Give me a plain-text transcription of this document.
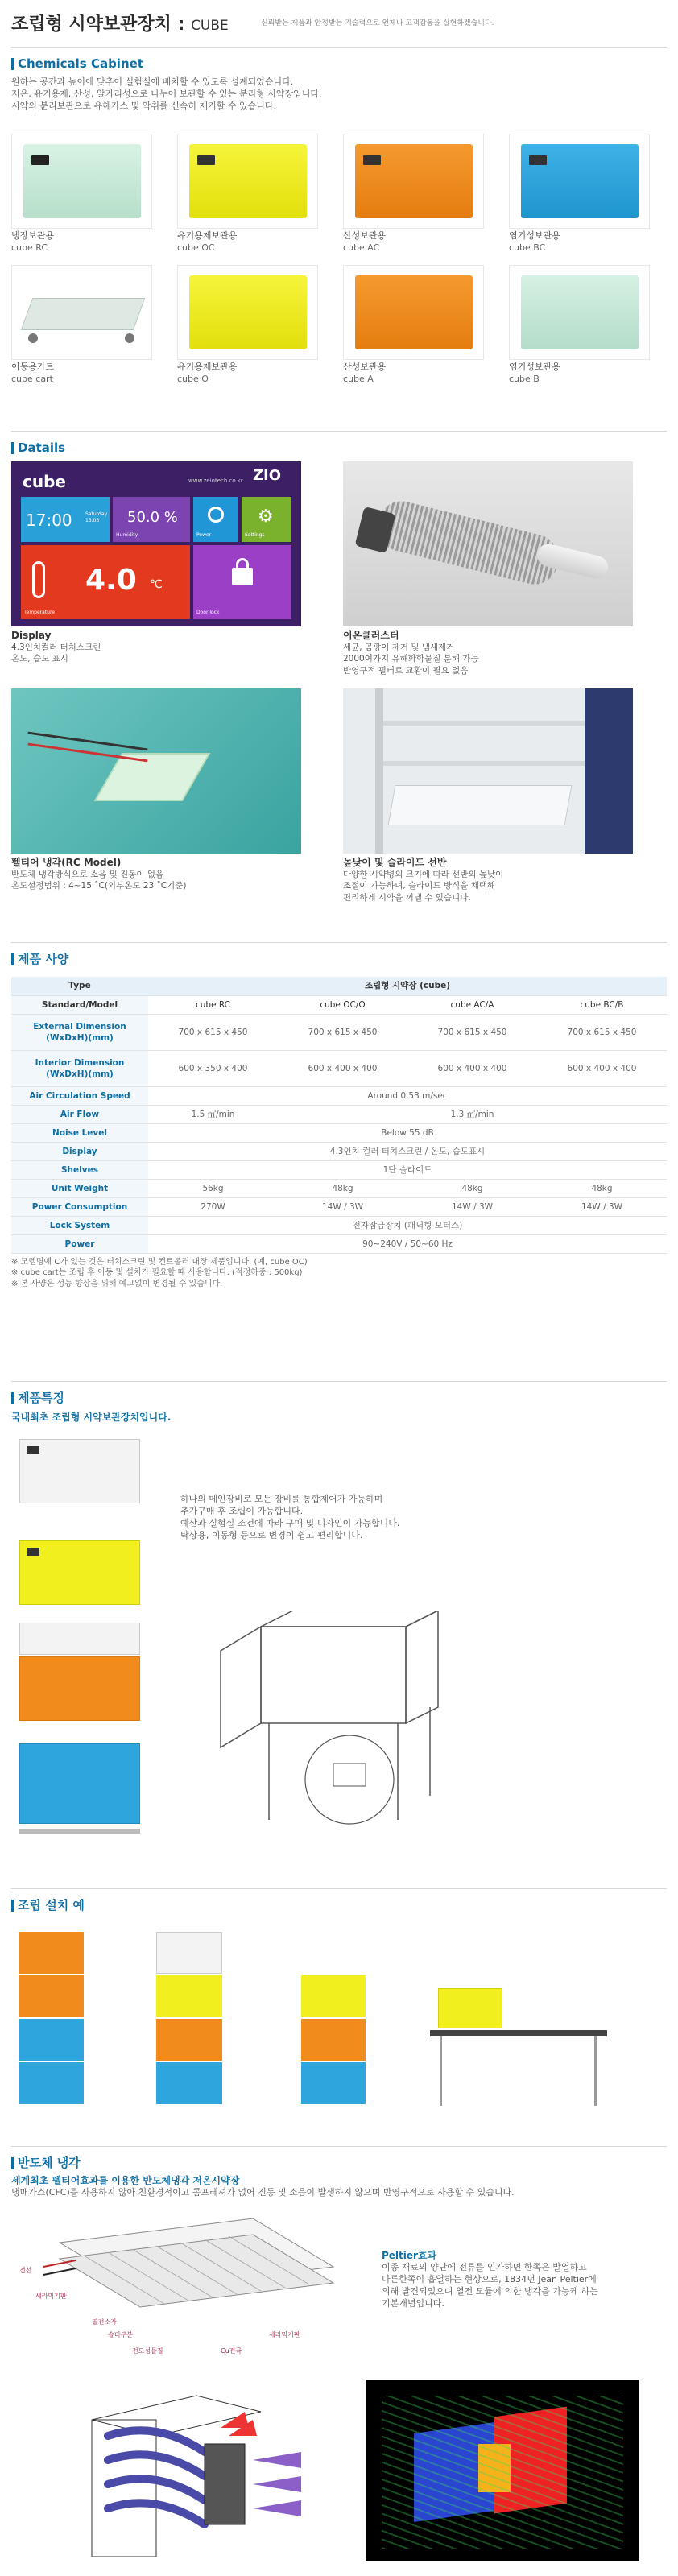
조립형 시약보관장치 : CUBE	신뢰받는 제품과 안정받는 기술력으로 언제나 고객감동을 실현하겠습니다.
Chemicals Cabinet
원하는 공간과 높이에 맞추어 실험실에 배치할 수 있도록 설계되었습니다.
저온, 유기용제, 산성, 알카리성으로 나누어 보관할 수 있는 분리형 시약장입니다.
시약의 분리보관으로 유해가스 및 악취를 신속히 제거할 수 있습니다.
냉장보관용
cube RC
유기용제보관용
cube OC
산성보관용
cube AC
염기성보관용
cube BC
이동용카트
cube cart
유기용제보관용
cube O
산성보관용
cube A
염기성보관용
cube B
Datails
cube	www.zeiotech.co.kr ZIO
17:00	Saturday
13.03	50.0 %
Humidity	Power
⚙
Settings
4.0 ℃
Temperature	Door lock
Display
4.3인치컬러 터치스크린
온도, 습도 표시
이온클러스터
세균, 곰팡이 제거 및 냄새제거
2000여가지 유해화학물질 분해 가능
반영구적 필터로 교환이 필요 없음
펠티어 냉각(RC Model)
반도체 냉각방식으로 소음 및 진동이 없음
온도설정범위 : 4~15 ˚C(외부온도 23 ˚C기준)
높낮이 및 슬라이드 선반
다양한 시약병의 크기에 따라 선반의 높낮이
조절이 가능하며, 슬라이드 방식을 채택해
편리하게 시약을 꺼낼 수 있습니다.
제품 사양
Type	조립형 시약장 (cube)			
Standard/Model	cube RC	cube OC/O	cube AC/A	cube BC/B
External Dimension
(WxDxH)(mm)	700 x 615 x 450	700 x 615 x 450	700 x 615 x 450	700 x 615 x 450
Interior Dimension
(WxDxH)(mm)	600 x 350 x 400	600 x 400 x 400	600 x 400 x 400	600 x 400 x 400
Air Circulation Speed	Around 0.53 m/sec			
Air Flow	1.5 ㎥/min	1.3 ㎥/min		
Noise Level	Below 55 dB			
Display	4.3인치 컬러 터치스크린 / 온도, 습도표시			
Shelves	1단 슬라이드			
Unit Weight	56kg	48kg	48kg	48kg
Power Consumption	270W	14W / 3W	14W / 3W	14W / 3W
Lock System	전자잠금장치 (패닉형 모터스)			
Power	90~240V / 50~60 Hz			
※ 모델명에 C가 있는 것은 터치스크린 및 컨트롤러 내장 제품입니다. (예, cube OC)
※ cube cart는 조립 후 이동 및 설치가 필요할 때 사용합니다. (적정하중 : 500kg)
※ 본 사양은 성능 향상을 위해 예고없이 변경될 수 있습니다.
제품특징
국내최초 조립형 시약보관장치입니다.
하나의 메인장비로 모든 장비를 통합제어가 가능하며
추가구매 후 조립이 가능합니다.
예산과 실험실 조건에 따라 구매 및 디자인이 가능합니다.
탁상용, 이동형 등으로 변경이 쉽고 편리합니다.
조립 설치 예
반도체 냉각
세계최초 펠티어효과를 이용한 반도체냉각 저온시약장
냉매가스(CFC)를 사용하지 않아 친환경적이고 콤프레셔가 없어 진동 및 소음이 발생하지 않으며 반영구적으로 사용할 수 있습니다.
전선
세라믹기판
열전소자
솔더부분
전도성물질	Cu전극
세라믹기판
Peltier효과
이종 재료의 양단에 전류를 인가하면 한쪽은 발열하고
다른한쪽이 흡열하는 현상으로, 1834년 Jean Peltier에
의해 발견되었으며 열전 모듈에 의한 냉각을 가능케 하는
기본개념입니다.
